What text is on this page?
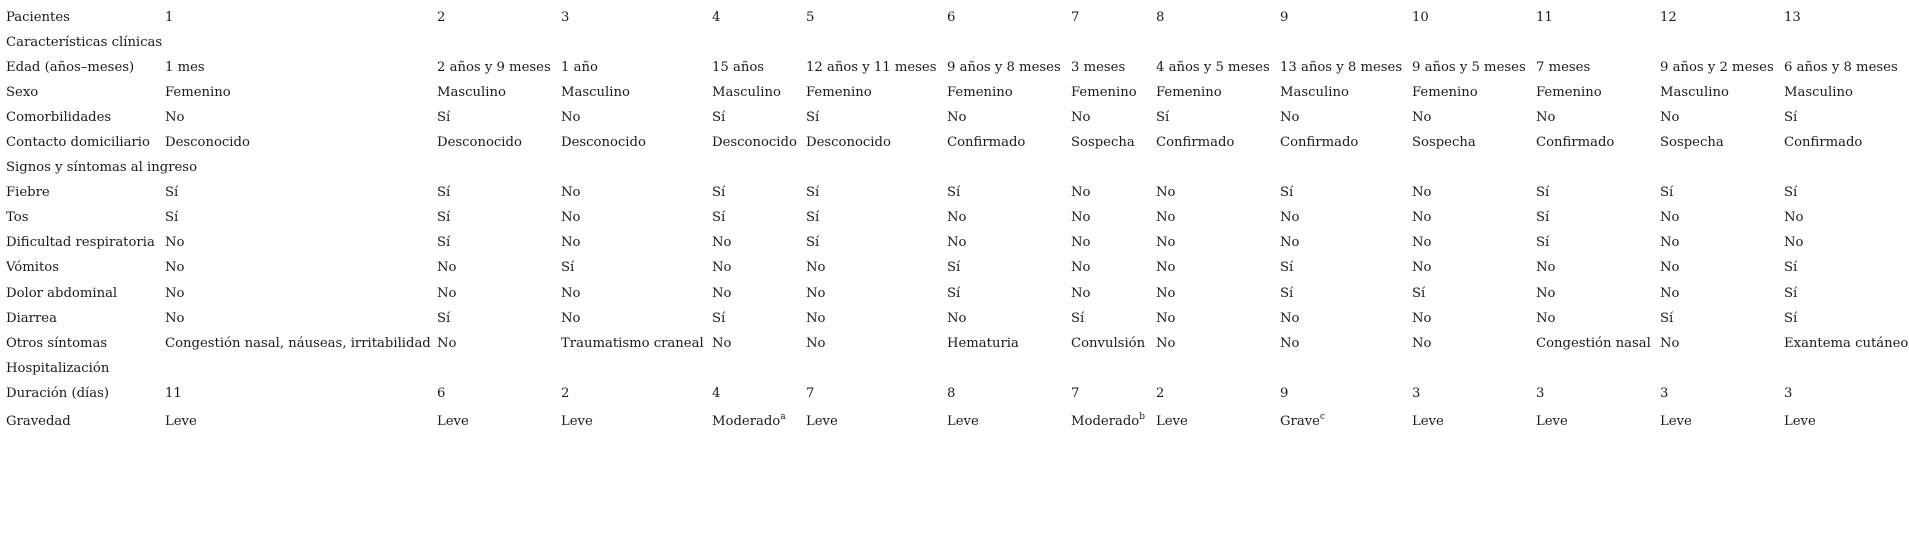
Pacientes	1	2	3	4	5	6	7	8	9	10	11	12	13
Características clínicas													
Edad (años–meses)	1 mes	2 años y 9 meses	1 año	15 años	12 años y 11 meses	9 años y 8 meses	3 meses	4 años y 5 meses	13 años y 8 meses	9 años y 5 meses	7 meses	9 años y 2 meses	6 años y 8 meses
Sexo	Femenino	Masculino	Masculino	Masculino	Femenino	Femenino	Femenino	Femenino	Masculino	Femenino	Femenino	Masculino	Masculino
Comorbilidades	No	Sí	No	Sí	Sí	No	No	Sí	No	No	No	No	Sí
Contacto domiciliario	Desconocido	Desconocido	Desconocido	Desconocido	Desconocido	Confirmado	Sospecha	Confirmado	Confirmado	Sospecha	Confirmado	Sospecha	Confirmado
Signos y síntomas al ingreso													
Fiebre	Sí	Sí	No	Sí	Sí	Sí	No	No	Sí	No	Sí	Sí	Sí
Tos	Sí	Sí	No	Sí	Sí	No	No	No	No	No	Sí	No	No
Dificultad respiratoria	No	Sí	No	No	Sí	No	No	No	No	No	Sí	No	No
Vómitos	No	No	Sí	No	No	Sí	No	No	Sí	No	No	No	Sí
Dolor abdominal	No	No	No	No	No	Sí	No	No	Sí	Sí	No	No	Sí
Diarrea	No	Sí	No	Sí	No	No	Sí	No	No	No	No	Sí	Sí
Otros síntomas	Congestión nasal, náuseas, irritabilidad	No	Traumatismo craneal	No	No	Hematuria	Convulsión	No	No	No	Congestión nasal	No	Exantema cutáneo
Hospitalización													
Duración (días)	11	6	2	4	7	8	7	2	9	3	3	3	3
Gravedad	Leve	Leve	Leve	Moderado$^a$	Leve	Leve	Moderado$^b$	Leve	Grave$^c$	Leve	Leve	Leve	Leve
